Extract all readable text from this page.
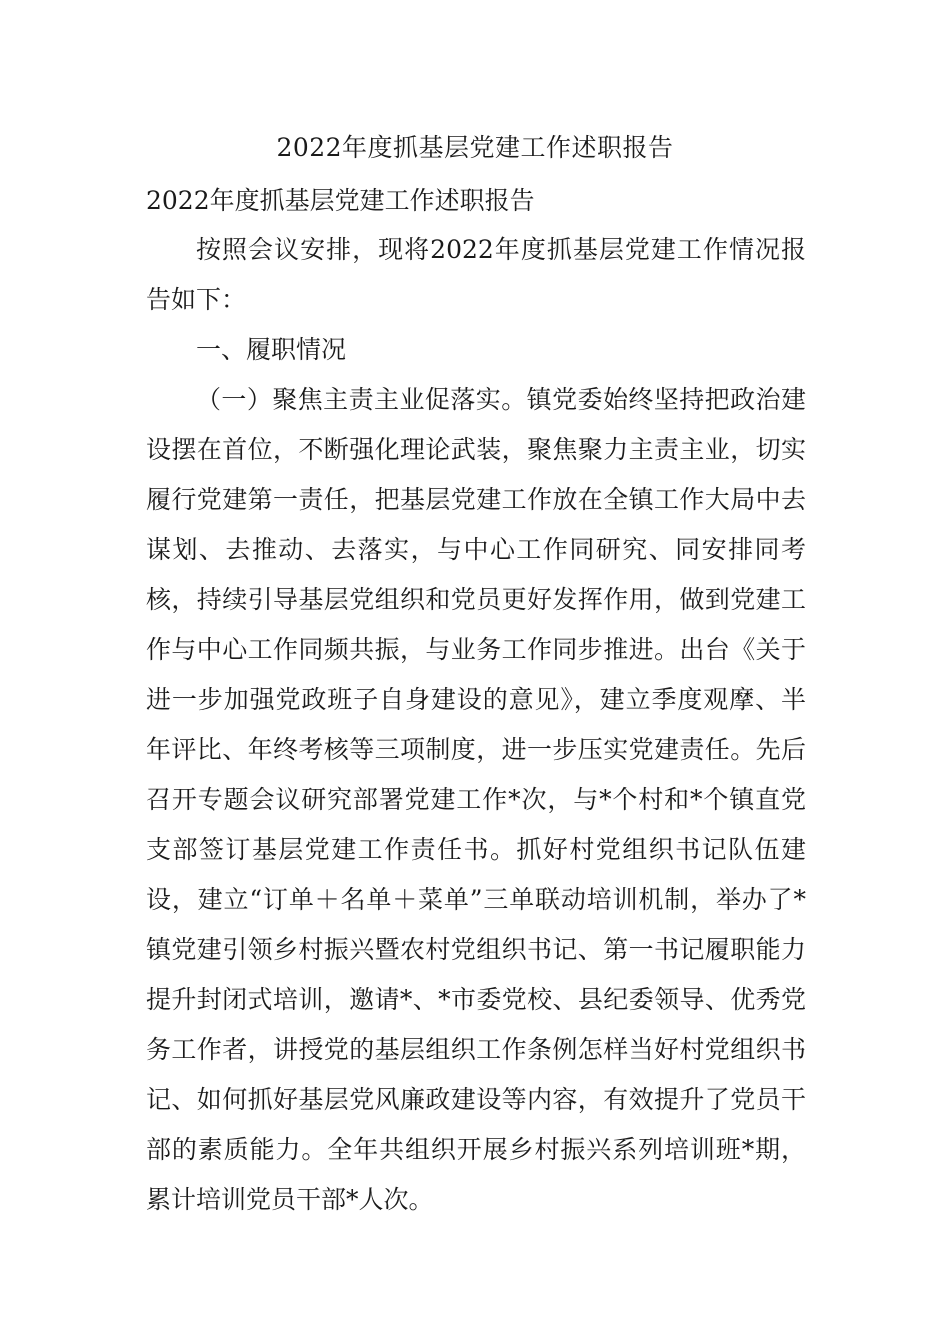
2022年度抓基层党建工作述职报告
2022年度抓基层党建工作述职报告

按照会议安排，现将2022年度抓基层党建工作情况报告如下：

一、履职情况

（一）聚焦主责主业促落实。镇党委始终坚持把政治建设摆在首位，不断强化理论武装，聚焦聚力主责主业，切实履行党建第一责任，把基层党建工作放在全镇工作大局中去谋划、去推动、去落实，与中心工作同研究、同安排同考核，持续引导基层党组织和党员更好发挥作用，做到党建工作与中心工作同频共振，与业务工作同步推进。出台《关于进一步加强党政班子自身建设的意见》，建立季度观摩、半年评比、年终考核等三项制度，进一步压实党建责任。先后召开专题会议研究部署党建工作*次，与*个村和*个镇直党支部签订基层党建工作责任书。抓好村党组织书记队伍建设，建立“订单＋名单＋菜单”三单联动培训机制，举办了*镇党建引领乡村振兴暨农村党组织书记、第一书记履职能力提升封闭式培训，邀请*、*市委党校、县纪委领导、优秀党务工作者，讲授党的基层组织工作条例怎样当好村党组织书记、如何抓好基层党风廉政建设等内容，有效提升了党员干部的素质能力。全年共组织开展乡村振兴系列培训班*期，累计培训党员干部*人次。
